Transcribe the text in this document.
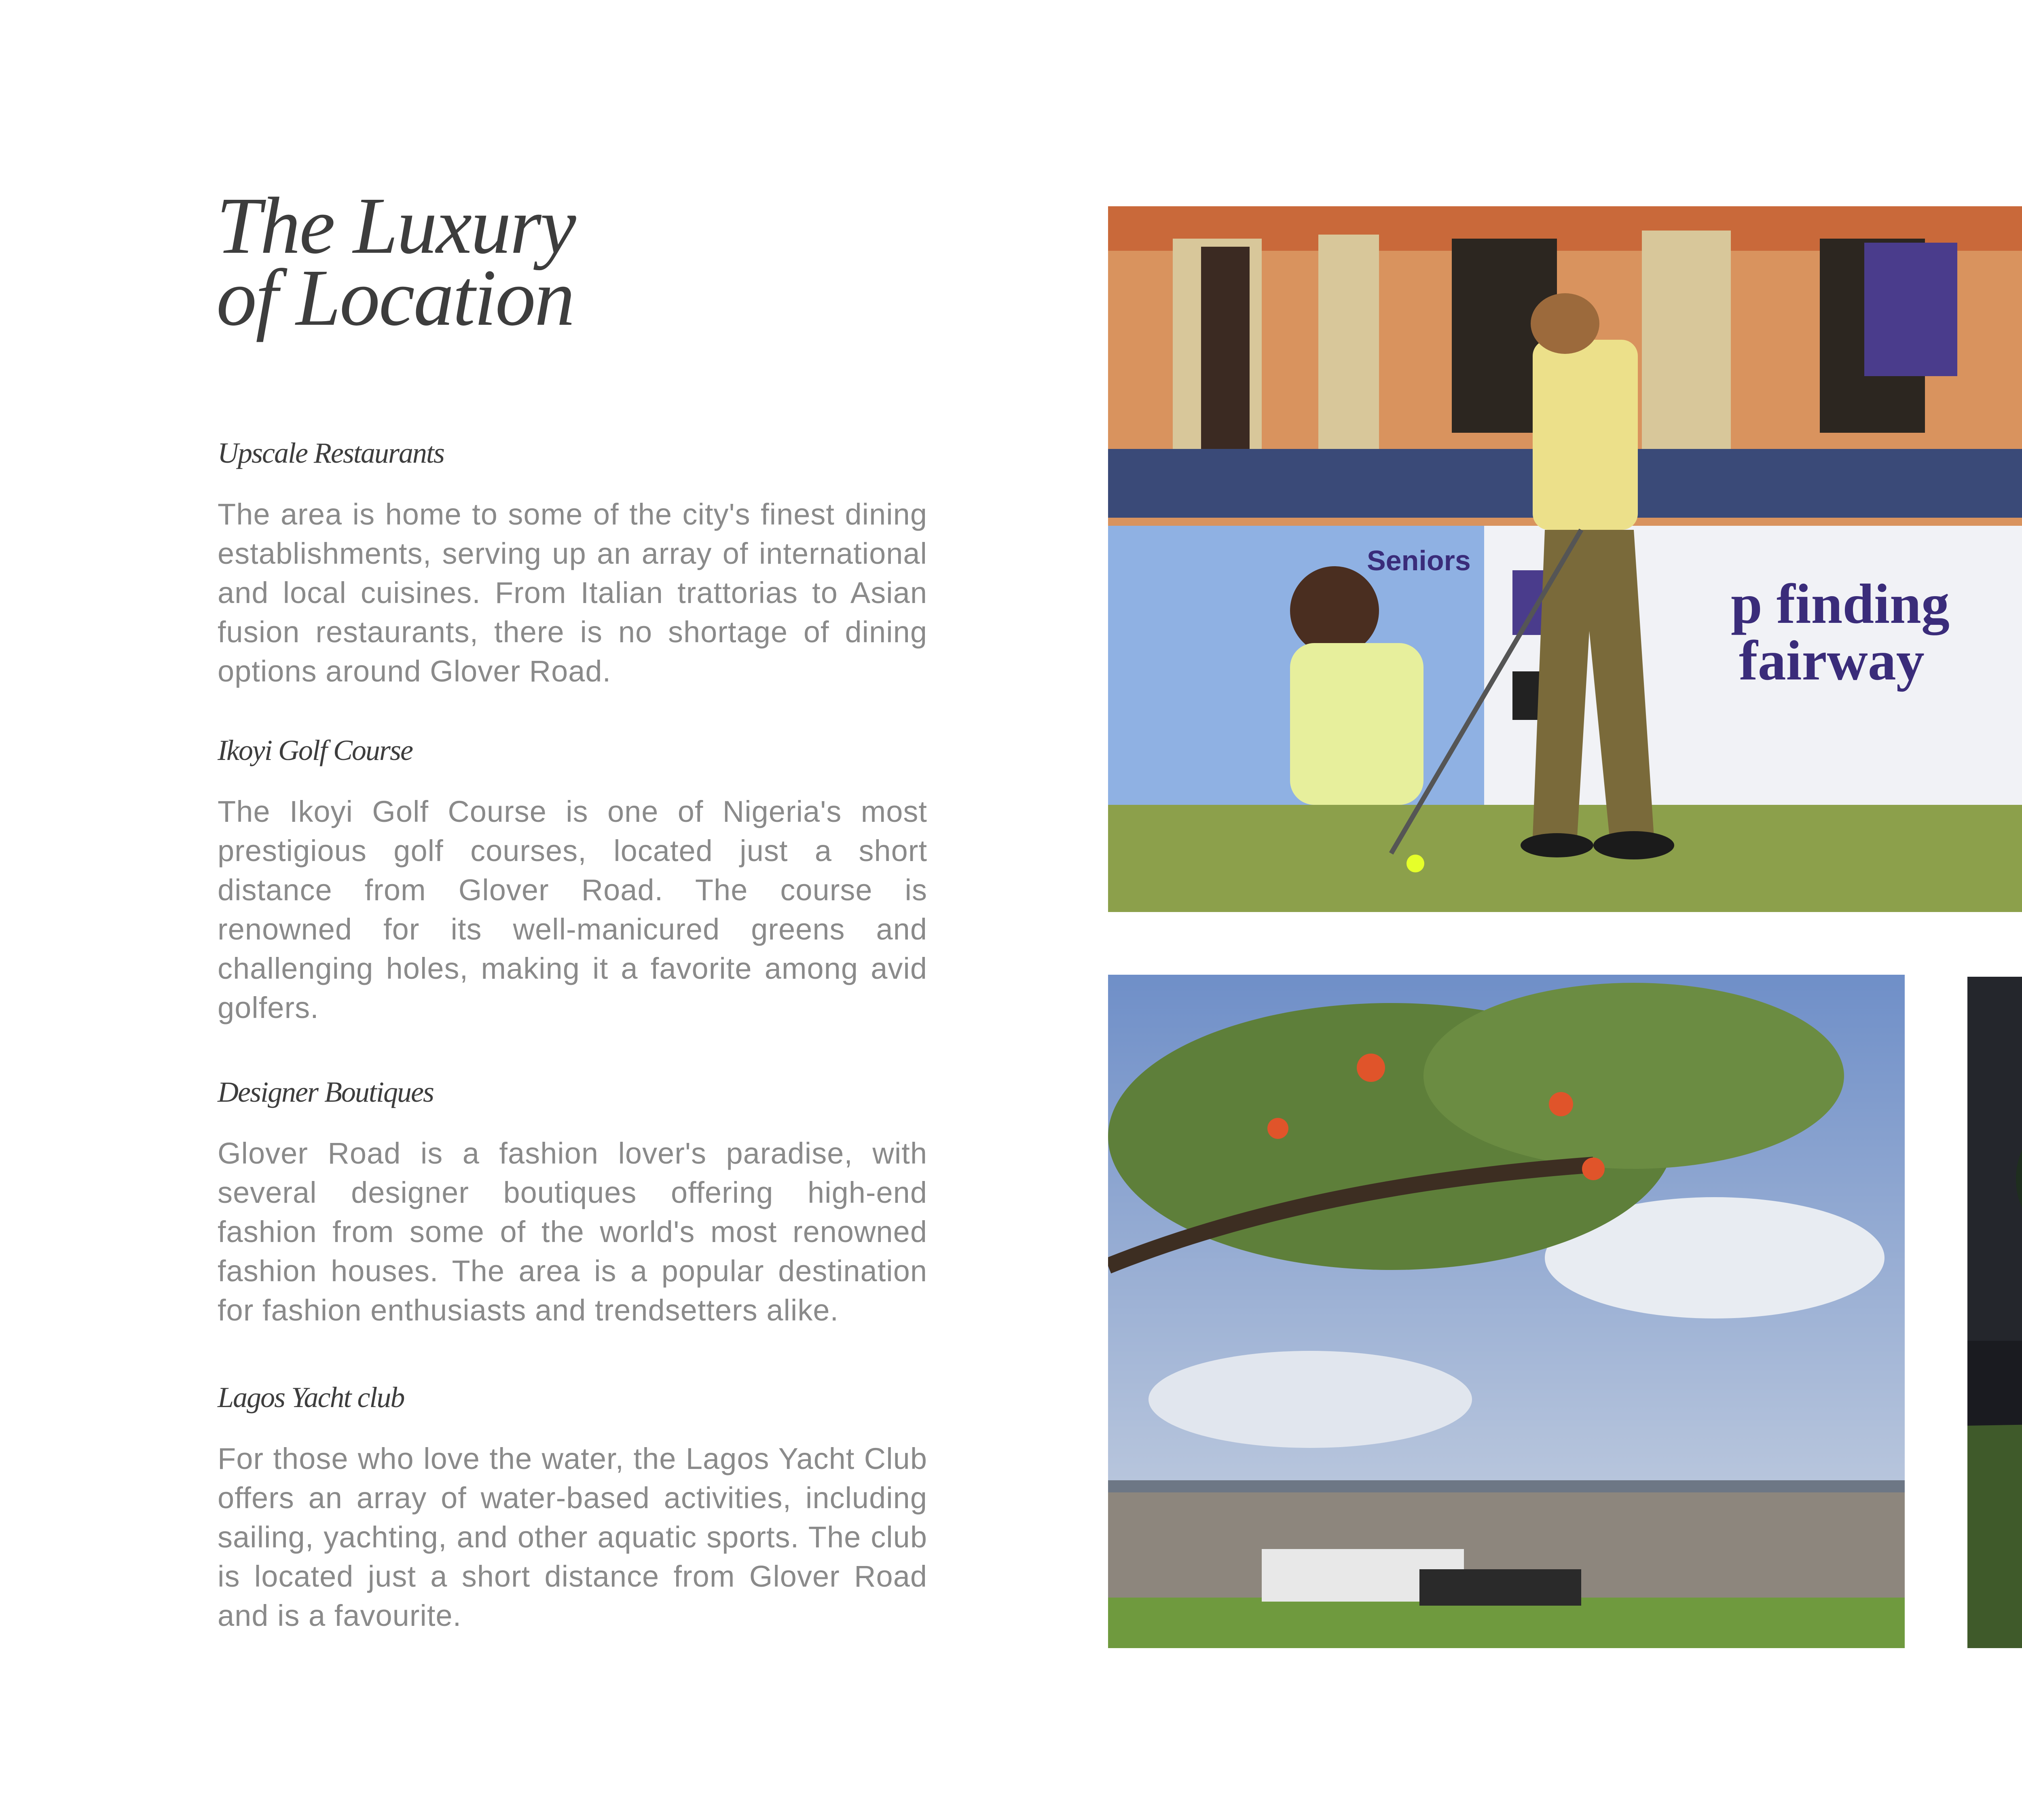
The Luxury
of Location
Upscale Restaurants

The area is home to some of the city's finest dining establishments, serving up an array of international and local cuisines. From Italian trattorias to Asian fusion restaurants, there is no shortage of dining options around Glover Road.

Ikoyi Golf Course

The Ikoyi Golf Course is one of Nigeria's most prestigious golf courses, located just a short distance from Glover Road. The course is renowned for its well-manicured greens and challenging holes, making it a favorite among avid golfers.

Designer Boutiques

Glover Road is a fashion lover's paradise, with several designer boutiques offering high-end fashion from some of the world's most renowned fashion houses. The area is a popular destination for fashion enthusiasts and trendsetters alike.

Lagos Yacht club

For those who love the water, the Lagos Yacht Club offers an array of water-based activities, including sailing, yachting, and other aquatic sports. The club is located just a short distance from Glover Road and is a favourite.

p finding
fairway
Seniors
